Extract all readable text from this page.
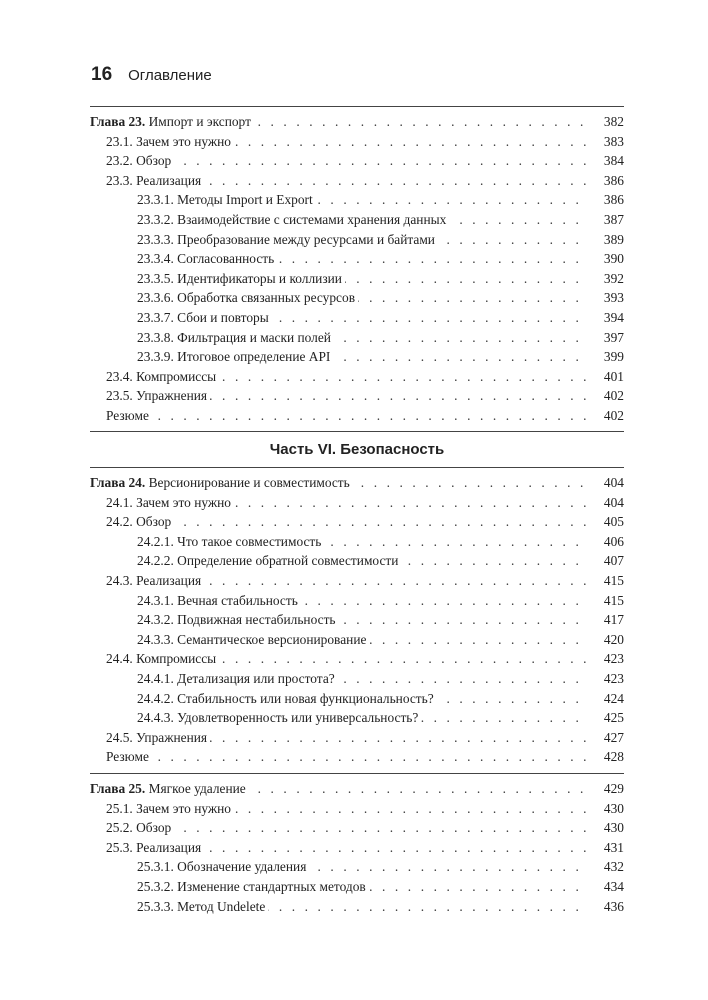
16 Оглавление
. . .
Глава 23. Импорт и экспорт	382
. . .
23.1. Зачем это нужно	383
. . .
23.2. Обзор	384
. . .
23.3. Реализация	386
. . .
23.3.1. Методы Import и Export	386
. . .
23.3.2. Взаимодействие с системами хранения данных	387
. . .
23.3.3. Преобразование между ресурсами и байтами	389
. . .
23.3.4. Согласованность	390
. . .
23.3.5. Идентификаторы и коллизии	392
. . .
23.3.6. Обработка связанных ресурсов	393
. . .
23.3.7. Сбои и повторы	394
. . .
23.3.8. Фильтрация и маски полей	397
. . .
23.3.9. Итоговое определение API	399
. . .
23.4. Компромиссы	401
. . .
23.5. Упражнения	402
. . .
Резюме	402
Часть VI. Безопасность
. . .
Глава 24. Версионирование и совместимость	404
. . .
24.1. Зачем это нужно	404
. . .
24.2. Обзор	405
. . .
24.2.1. Что такое совместимость	406
. . .
24.2.2. Определение обратной совместимости	407
. . .
24.3. Реализация	415
. . .
24.3.1. Вечная стабильность	415
. . .
24.3.2. Подвижная нестабильность	417
. . .
24.3.3. Семантическое версионирование	420
. . .
24.4. Компромиссы	423
. . .
24.4.1. Детализация или простота?	423
. . .
24.4.2. Стабильность или новая функциональность?	424
. . .
24.4.3. Удовлетворенность или универсальность?	425
. . .
24.5. Упражнения	427
. . .
Резюме	428
. . .
Глава 25. Мягкое удаление	429
. . .
25.1. Зачем это нужно	430
. . .
25.2. Обзор	430
. . .
25.3. Реализация	431
. . .
25.3.1. Обозначение удаления	432
. . .
25.3.2. Изменение стандартных методов	434
. . .
25.3.3. Метод Undelete	436
